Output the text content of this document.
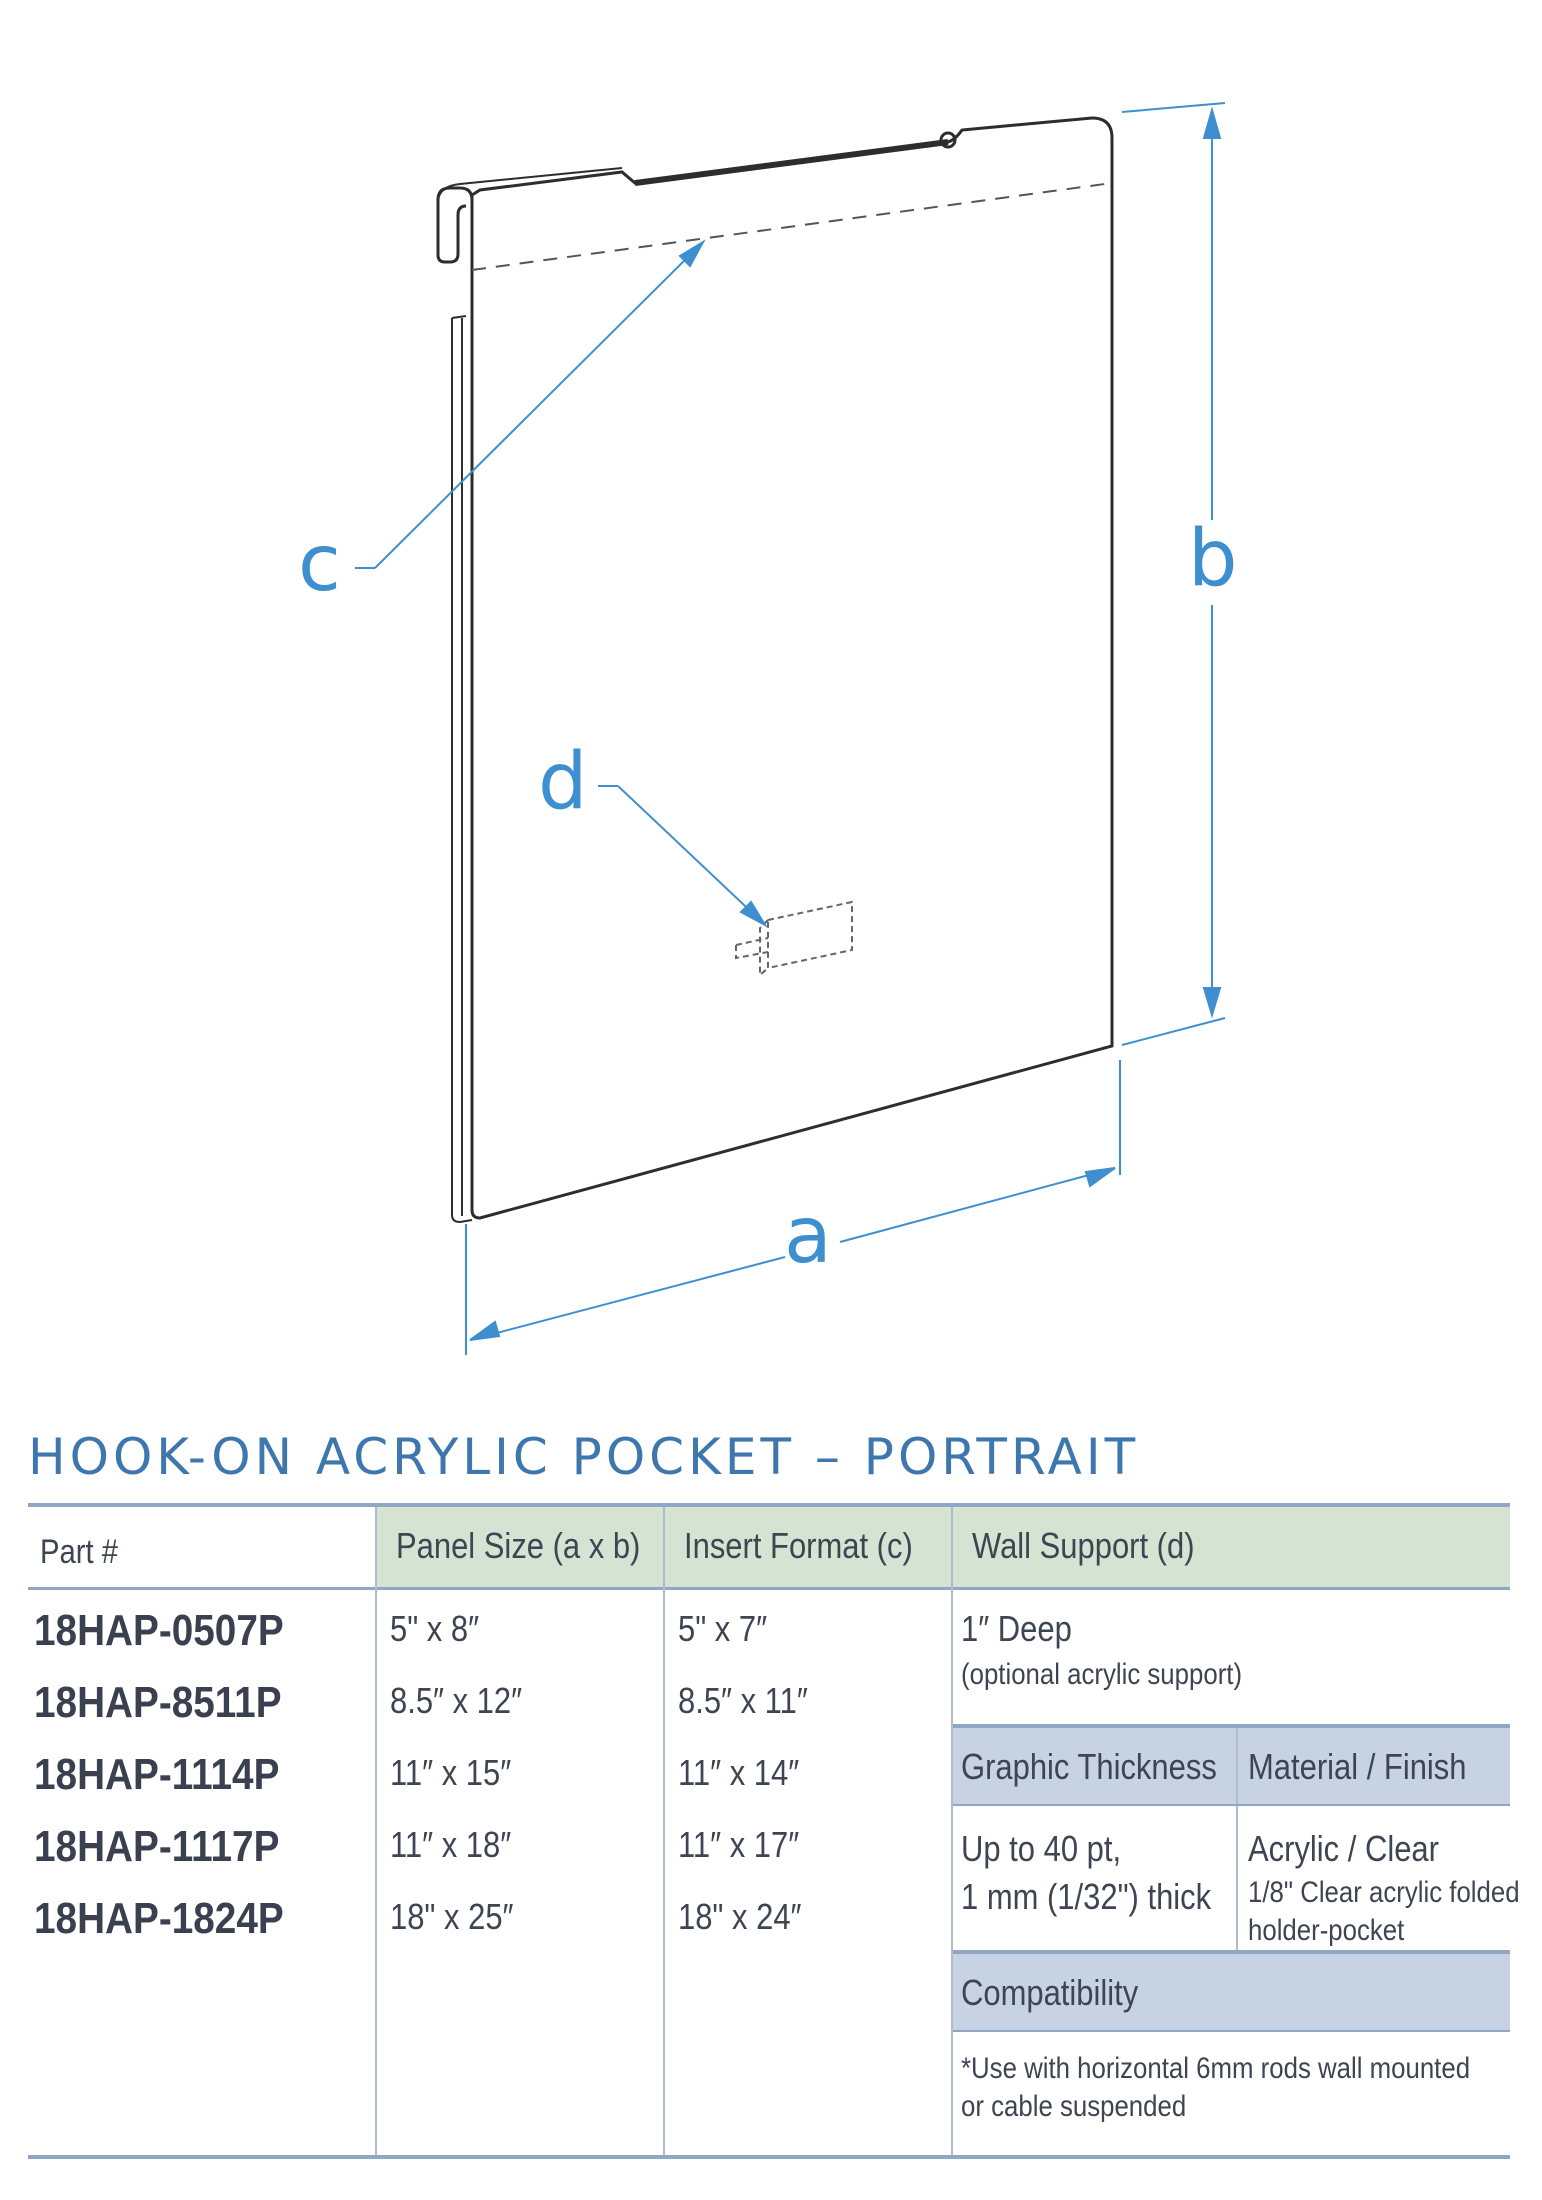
a
b
c
d
HOOK-ON ACRYLIC POCKET – PORTRAIT
Part #	Panel Size (a x b) Insert Format (c) Wall Support (d)
18HAP-0507P
18HAP-8511P
18HAP-1114P
18HAP-1117P
18HAP-1824P
5" x 8″
8.5″ x 12″
11″ x 15″
11″ x 18″
18" x 25″
5" x 7″
8.5″ x 11″
11″ x 14″
11″ x 17″
18" x 24″
1″ Deep
(optional acrylic support)
Graphic Thickness Material / Finish
Up to 40 pt,
1 mm (1/32") thick
Acrylic / Clear
1/8" Clear acrylic folded
holder-pocket
Compatibility
*Use with horizontal 6mm rods wall mounted
or cable suspended
